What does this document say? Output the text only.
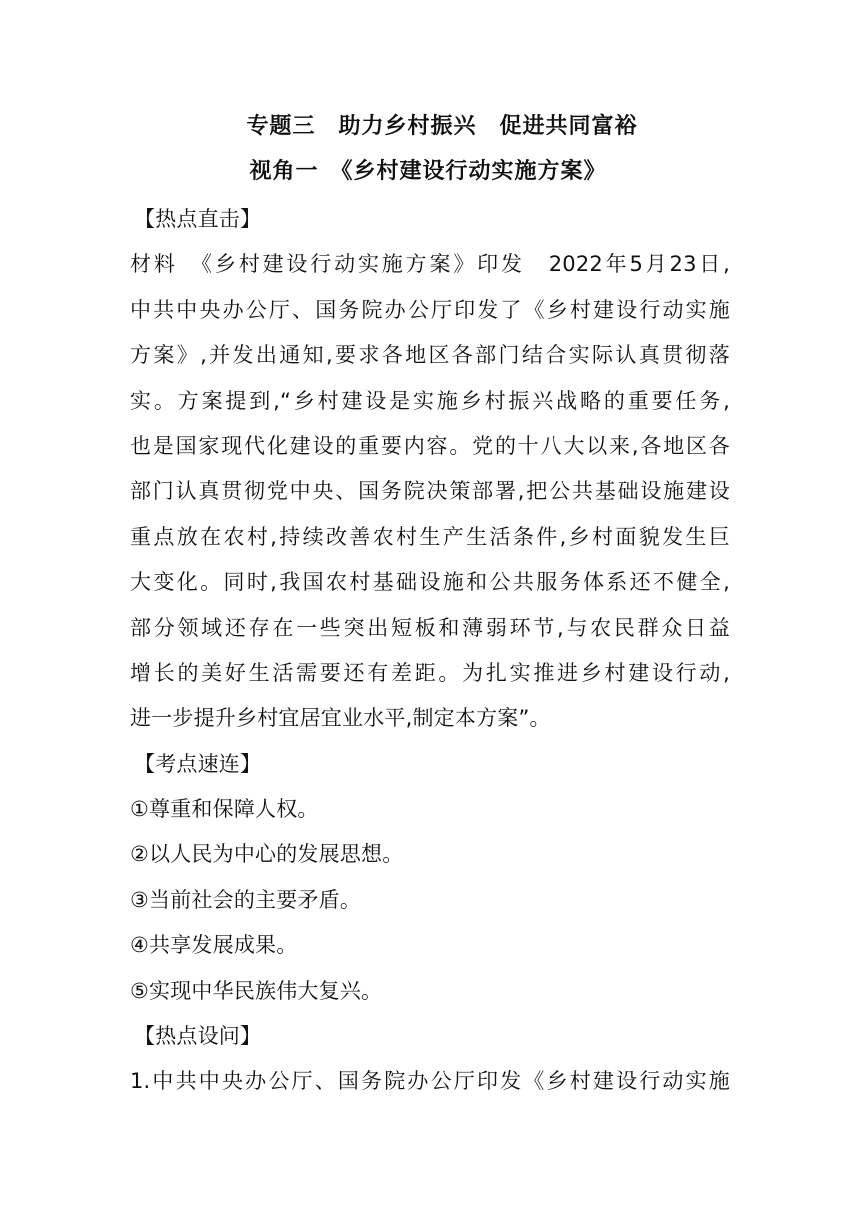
专题三　助力乡村振兴　促进共同富裕
视角一　《乡村建设行动实施方案》
【热点直击】
材料　《乡村建设行动实施方案》印发　2022年5月23日,
中共中央办公厅、国务院办公厅印发了《乡村建设行动实施
方案》,并发出通知,要求各地区各部门结合实际认真贯彻落
实。方案提到,“乡村建设是实施乡村振兴战略的重要任务,
也是国家现代化建设的重要内容。党的十八大以来,各地区各
部门认真贯彻党中央、国务院决策部署,把公共基础设施建设
重点放在农村,持续改善农村生产生活条件,乡村面貌发生巨
大变化。同时,我国农村基础设施和公共服务体系还不健全,
部分领域还存在一些突出短板和薄弱环节,与农民群众日益
增长的美好生活需要还有差距。为扎实推进乡村建设行动,
进一步提升乡村宜居宜业水平,制定本方案”。
【考点速连】
①尊重和保障人权。
②以人民为中心的发展思想。
③当前社会的主要矛盾。
④共享发展成果。
⑤实现中华民族伟大复兴。
【热点设问】
1.中共中央办公厅、国务院办公厅印发《乡村建设行动实施
